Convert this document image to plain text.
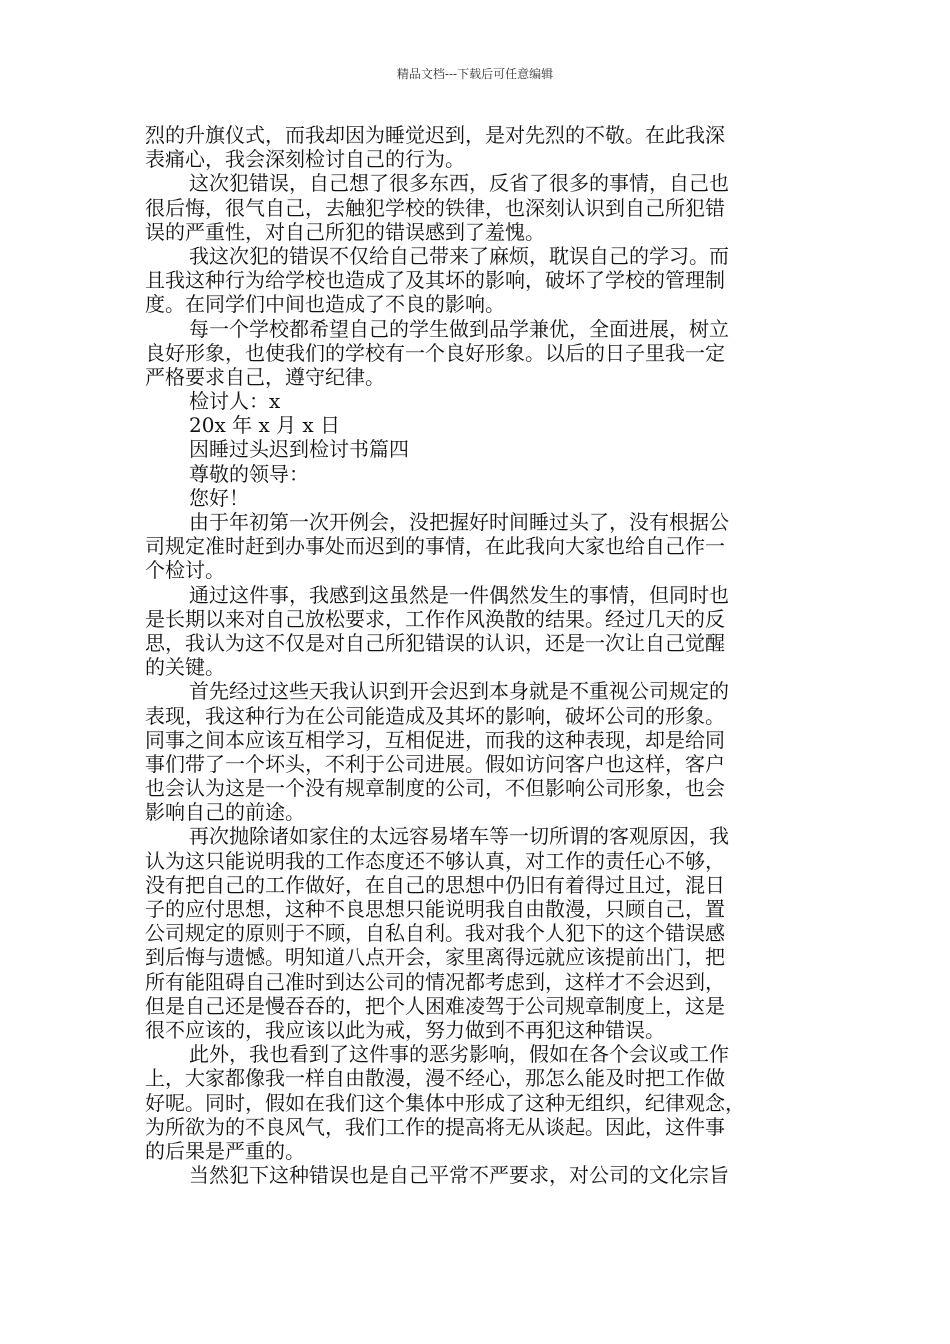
精品文档---下载后可任意编辑
烈的升旗仪式，而我却因为睡觉迟到，是对先烈的不敬。在此我深
表痛心，我会深刻检讨自己的行为。
这次犯错误，自己想了很多东西，反省了很多的事情，自己也
很后悔，很气自己，去触犯学校的铁律，也深刻认识到自己所犯错
误的严重性，对自己所犯的错误感到了羞愧。
我这次犯的错误不仅给自己带来了麻烦，耽误自己的学习。而
且我这种行为给学校也造成了及其坏的影响，破坏了学校的管理制
度。在同学们中间也造成了不良的影响。
每一个学校都希望自己的学生做到品学兼优，全面进展，树立
良好形象，也使我们的学校有一个良好形象。以后的日子里我一定
严格要求自己，遵守纪律。
检讨人：x
20x 年 x 月 x 日
因睡过头迟到检讨书篇四
尊敬的领导：
您好！
由于年初第一次开例会，没把握好时间睡过头了，没有根据公
司规定准时赶到办事处而迟到的事情，在此我向大家也给自己作一
个检讨。
通过这件事，我感到这虽然是一件偶然发生的事情，但同时也
是长期以来对自己放松要求，工作作风涣散的结果。经过几天的反
思，我认为这不仅是对自己所犯错误的认识，还是一次让自己觉醒
的关键。
首先经过这些天我认识到开会迟到本身就是不重视公司规定的
表现，我这种行为在公司能造成及其坏的影响，破坏公司的形象。
同事之间本应该互相学习，互相促进，而我的这种表现，却是给同
事们带了一个坏头，不利于公司进展。假如访问客户也这样，客户
也会认为这是一个没有规章制度的公司，不但影响公司形象，也会
影响自己的前途。
再次抛除诸如家住的太远容易堵车等一切所谓的客观原因，我
认为这只能说明我的工作态度还不够认真，对工作的责任心不够，
没有把自己的工作做好，在自己的思想中仍旧有着得过且过，混日
子的应付思想，这种不良思想只能说明我自由散漫，只顾自己，置
公司规定的原则于不顾，自私自利。我对我个人犯下的这个错误感
到后悔与遗憾。明知道八点开会，家里离得远就应该提前出门，把
所有能阻碍自己准时到达公司的情况都考虑到，这样才不会迟到，
但是自己还是慢吞吞的，把个人困难凌驾于公司规章制度上，这是
很不应该的，我应该以此为戒，努力做到不再犯这种错误。
此外，我也看到了这件事的恶劣影响，假如在各个会议或工作
上，大家都像我一样自由散漫，漫不经心，那怎么能及时把工作做
好呢。同时，假如在我们这个集体中形成了这种无组织，纪律观念，
为所欲为的不良风气，我们工作的提高将无从谈起。因此，这件事
的后果是严重的。
当然犯下这种错误也是自己平常不严要求，对公司的文化宗旨
